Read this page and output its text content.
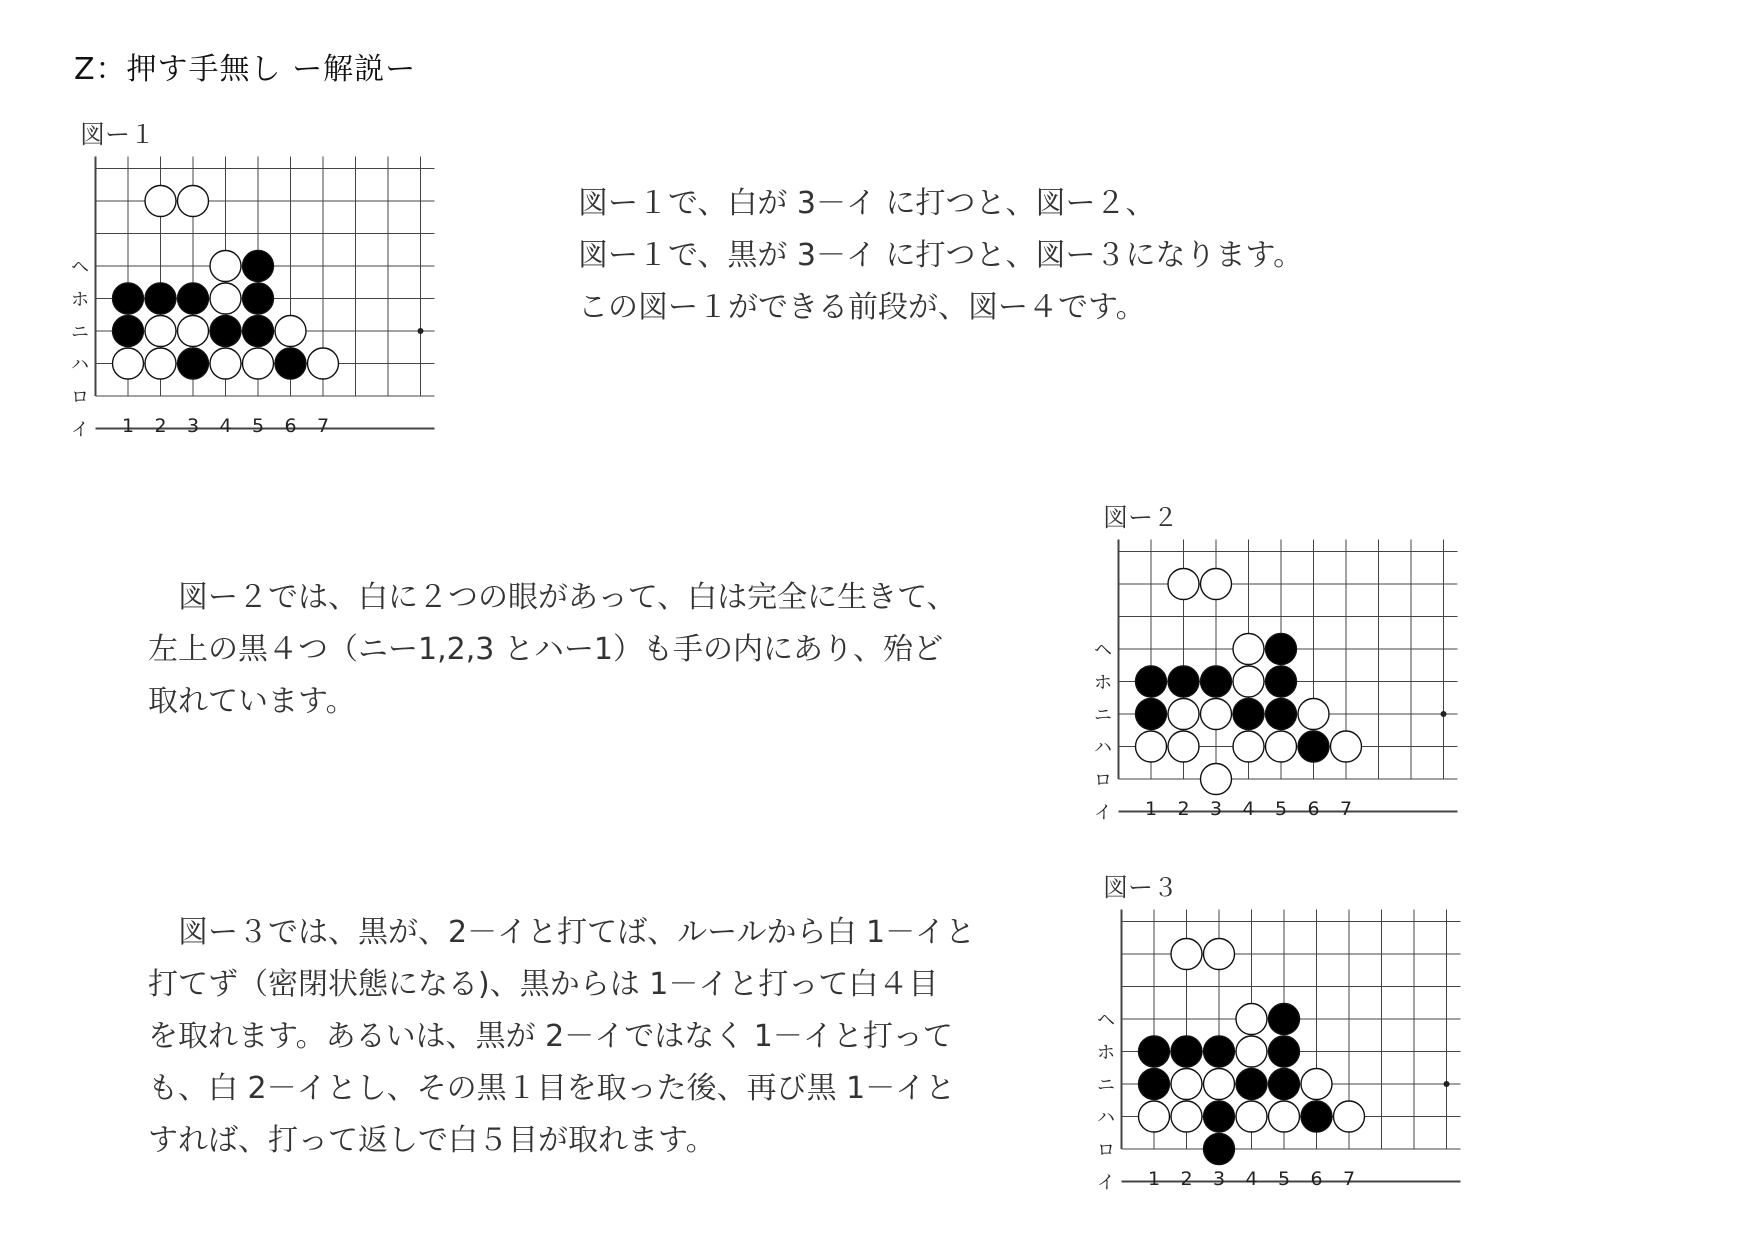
Z：押す手無し ー解説ー
図ー１
1 2 3 4 5 6 7
イ
ロ
ハ
ニ
ホ
ヘ

図ー１で、白が 3－イ に打つと、図ー２、

図ー１で、黒が 3－イ に打つと、図ー３になります。

この図ー１ができる前段が、図ー４です。

図ー２
1 2 3 4 5 6 7
イ
ロ
ハ
ニ
ホ
ヘ

　図ー２では、白に２つの眼があって、白は完全に生きて、

左上の黒４つ（ニー1,2,3 とハー1）も手の内にあり、殆ど

取れています。

図ー３
1 2 3 4 5 6 7
イ
ロ
ハ
ニ
ホ
ヘ

　図ー３では、黒が、2－イと打てば、ルールから白 1－イと

打てず（密閉状態になる)、黒からは 1－イと打って白４目

を取れます。あるいは、黒が 2－イではなく 1－イと打って

も、白 2－イとし、その黒１目を取った後、再び黒 1－イと

すれば、打って返しで白５目が取れます。
